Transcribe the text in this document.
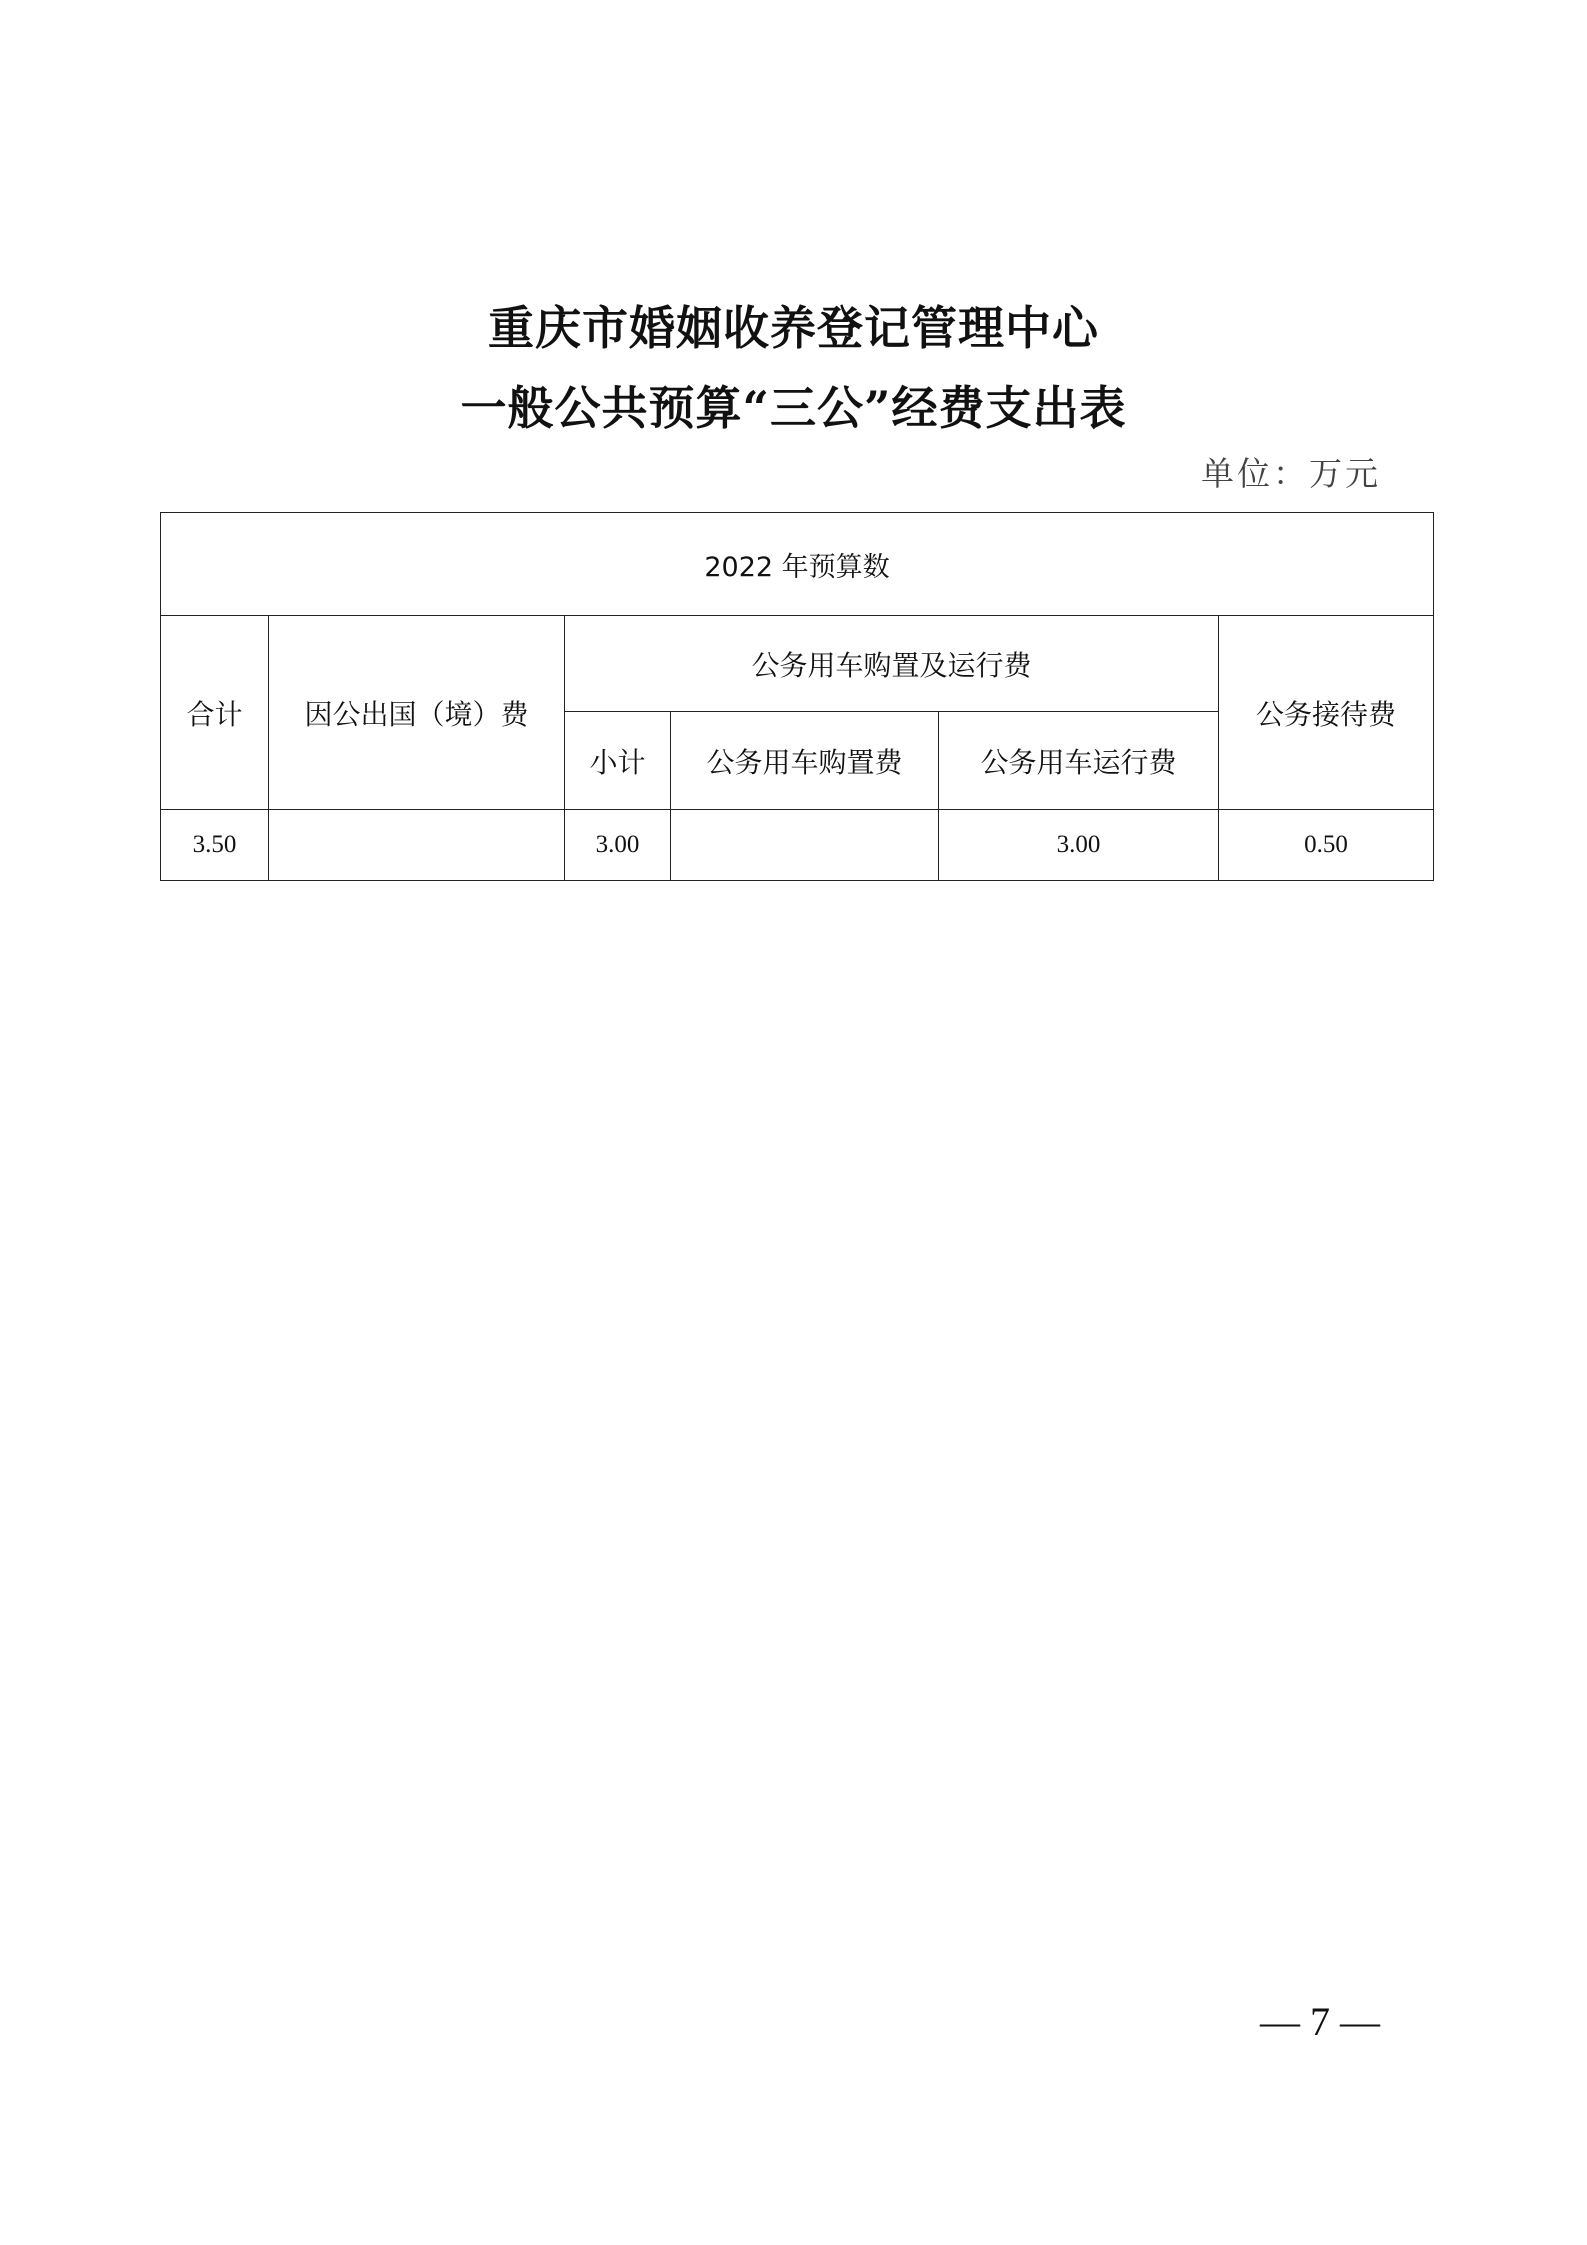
重庆市婚姻收养登记管理中心
一般公共预算“三公”经费支出表
单位：万元
2022 年预算数					
合计	因公出国（境）费	公务用车购置及运行费			公务接待费
		小计	公务用车购置费	公务用车运行费	
3.50		3.00		3.00	0.50
— 7 —
